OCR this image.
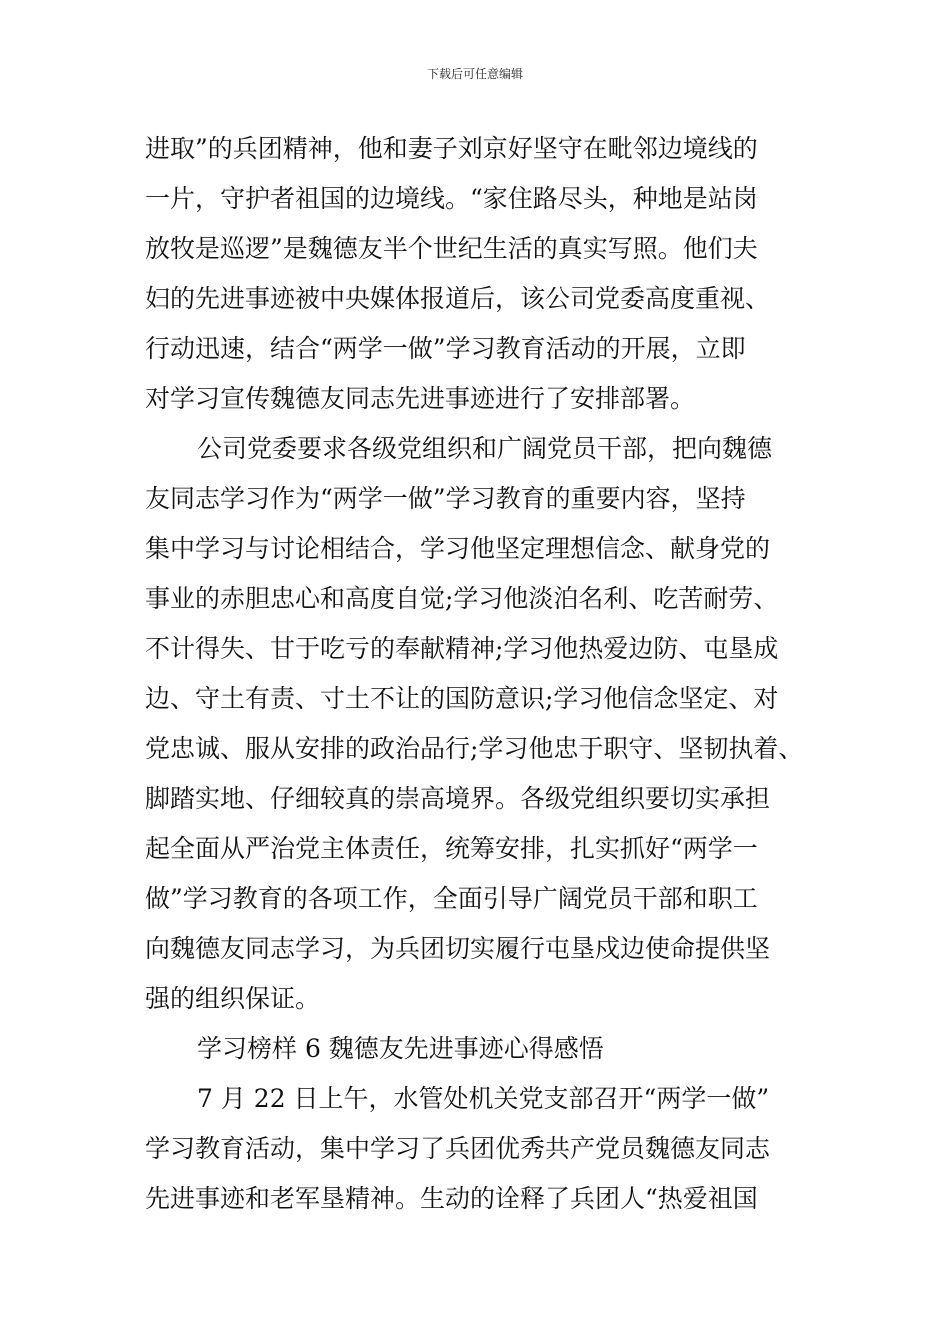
下载后可任意编辑
进取”的兵团精神，他和妻子刘京好坚守在毗邻边境线的
一片，守护者祖国的边境线。“家住路尽头，种地是站岗
放牧是巡逻”是魏德友半个世纪生活的真实写照。他们夫
妇的先进事迹被中央媒体报道后，该公司党委高度重视、
行动迅速，结合“两学一做”学习教育活动的开展，立即
对学习宣传魏德友同志先进事迹进行了安排部署。
公司党委要求各级党组织和广阔党员干部，把向魏德
友同志学习作为“两学一做”学习教育的重要内容，坚持
集中学习与讨论相结合，学习他坚定理想信念、献身党的
事业的赤胆忠心和高度自觉;学习他淡泊名利、吃苦耐劳、
不计得失、甘于吃亏的奉献精神;学习他热爱边防、屯垦成
边、守土有责、寸土不让的国防意识;学习他信念坚定、对
党忠诚、服从安排的政治品行;学习他忠于职守、坚韧执着、
脚踏实地、仔细较真的崇高境界。各级党组织要切实承担
起全面从严治党主体责任，统筹安排，扎实抓好“两学一
做”学习教育的各项工作，全面引导广阔党员干部和职工
向魏德友同志学习，为兵团切实履行屯垦戍边使命提供坚
强的组织保证。
学习榜样 6 魏德友先进事迹心得感悟
7 月 22 日上午，水管处机关党支部召开“两学一做”
学习教育活动，集中学习了兵团优秀共产党员魏德友同志
先进事迹和老军垦精神。生动的诠释了兵团人“热爱祖国
